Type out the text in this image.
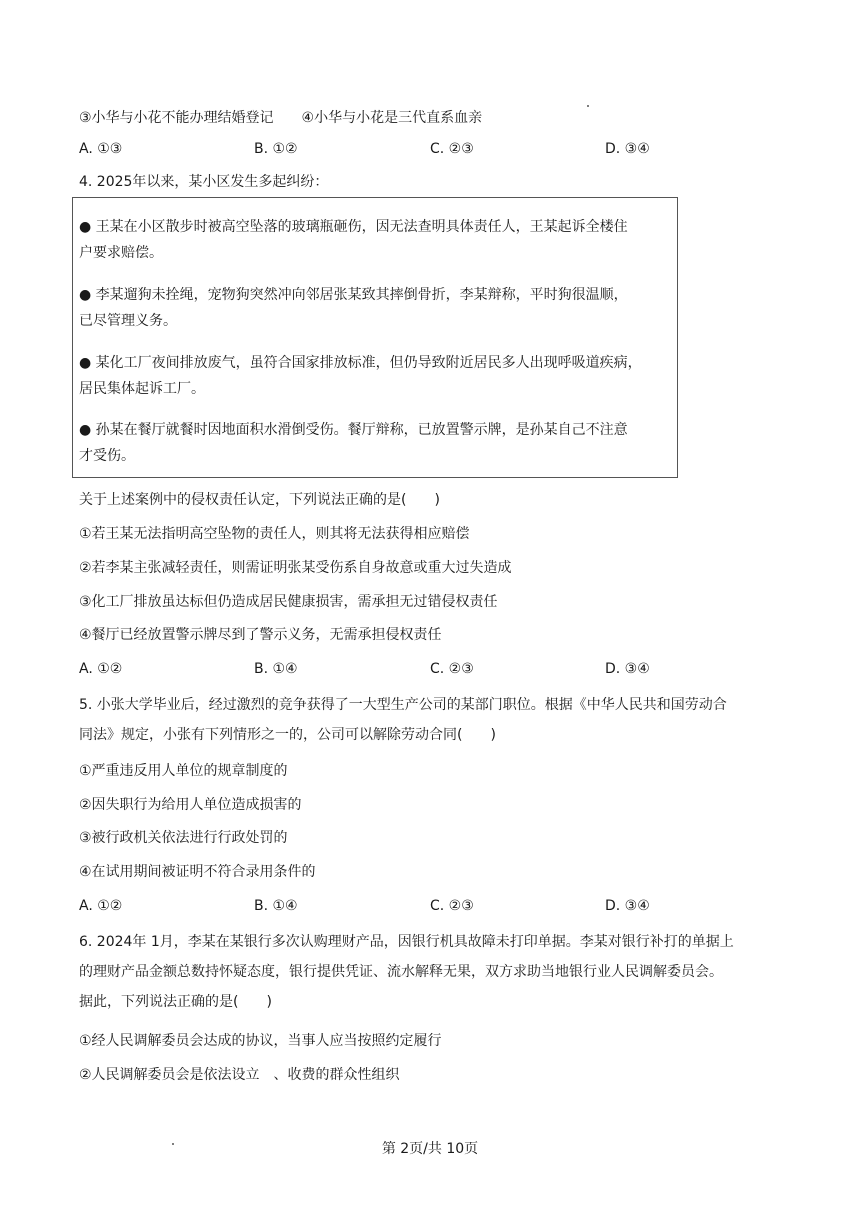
③小华与小花不能办理结婚登记　　④小华与小花是三代直系血亲
A. ①③	B. ①②	C. ②③	D. ③④
4. 2025年以来，某小区发生多起纠纷：
● 王某在小区散步时被高空坠落的玻璃瓶砸伤，因无法查明具体责任人，王某起诉全楼住
户要求赔偿。
● 李某遛狗未拴绳，宠物狗突然冲向邻居张某致其摔倒骨折，李某辩称，平时狗很温顺，
已尽管理义务。
● 某化工厂夜间排放废气，虽符合国家排放标准，但仍导致附近居民多人出现呼吸道疾病，
居民集体起诉工厂。
● 孙某在餐厅就餐时因地面积水滑倒受伤。餐厅辩称，已放置警示牌，是孙某自己不注意
才受伤。
关于上述案例中的侵权责任认定，下列说法正确的是(　　)
①若王某无法指明高空坠物的责任人，则其将无法获得相应赔偿
②若李某主张减轻责任，则需证明张某受伤系自身故意或重大过失造成
③化工厂排放虽达标但仍造成居民健康损害，需承担无过错侵权责任
④餐厅已经放置警示牌尽到了警示义务，无需承担侵权责任
A. ①②	B. ①④	C. ②③	D. ③④
5. 小张大学毕业后，经过激烈的竞争获得了一大型生产公司的某部门职位。根据《中华人民共和国劳动合
同法》规定，小张有下列情形之一的，公司可以解除劳动合同(　　)
①严重违反用人单位的规章制度的
②因失职行为给用人单位造成损害的
③被行政机关依法进行行政处罚的
④在试用期间被证明不符合录用条件的
A. ①②	B. ①④	C. ②③	D. ③④
6. 2024年 1月，李某在某银行多次认购理财产品，因银行机具故障未打印单据。李某对银行补打的单据上
的理财产品金额总数持怀疑态度，银行提供凭证、流水解释无果，双方求助当地银行业人民调解委员会。
据此，下列说法正确的是(　　)
①经人民调解委员会达成的协议，当事人应当按照约定履行
②人民调解委员会是依法设立　、收费的群众性组织
第 2页/共 10页
